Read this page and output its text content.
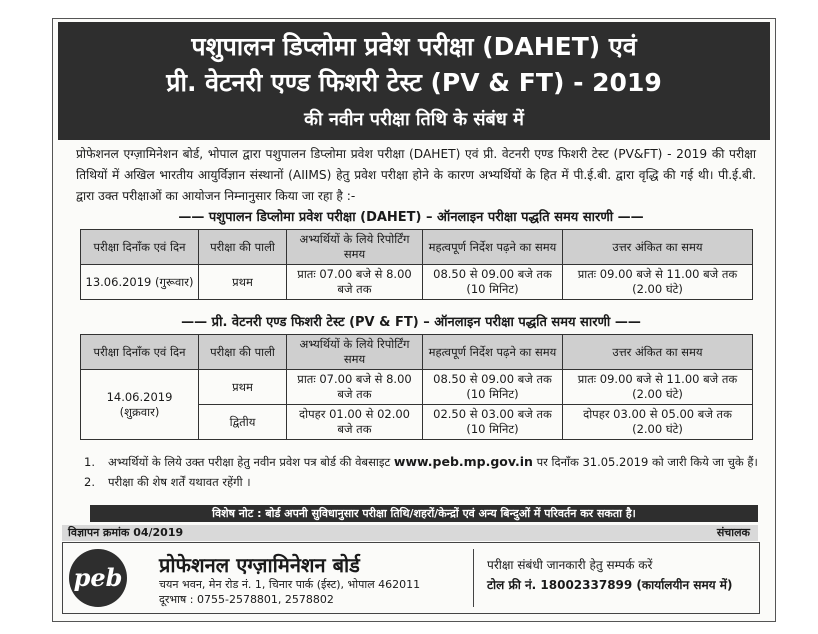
पशुपालन डिप्लोमा प्रवेश परीक्षा (DAHET) एवं
प्री. वेटनरी एण्ड फिशरी टेस्ट (PV & FT) - 2019
की नवीन परीक्षा तिथि के संबंध में
प्रोफेशनल एग्ज़ामिनेशन बोर्ड, भोपाल द्वारा पशुपालन डिप्लोमा प्रवेश परीक्षा (DAHET) एवं प्री. वेटनरी एण्ड फिशरी टेस्ट (PV&FT) - 2019 की परीक्षा तिथियों में अखिल भारतीय आयुर्विज्ञान संस्थानों (AIIMS) हेतु प्रवेश परीक्षा होने के कारण अभ्यर्थियों के हित में पी.ई.बी. द्वारा वृद्धि की गई थी। पी.ई.बी. द्वारा उक्त परीक्षाओं का आयोजन निम्नानुसार किया जा रहा है :-
—— पशुपालन डिप्लोमा प्रवेश परीक्षा (DAHET) – ऑनलाइन परीक्षा पद्धति समय सारणी ——
परीक्षा दिनाँक एवं दिन	परीक्षा की पाली	अभ्यर्थियों के लिये रिपोर्टिंग समय	महत्वपूर्ण निर्देश पढ़ने का समय	उत्तर अंकित का समय
13.06.2019 (गुरूवार)	प्रथम	प्रातः 07.00 बजे से 8.00 बजे तक	08.50 से 09.00 बजे तक (10 मिनिट)	प्रातः 09.00 बजे से 11.00 बजे तक (2.00 घंटे)
—— प्री. वेटनरी एण्ड फिशरी टेस्ट (PV & FT) – ऑनलाइन परीक्षा पद्धति समय सारणी ——
परीक्षा दिनाँक एवं दिन	परीक्षा की पाली	अभ्यर्थियों के लिये रिपोर्टिंग समय	महत्वपूर्ण निर्देश पढ़ने का समय	उत्तर अंकित का समय
14.06.2019 (शुक्रवार)	प्रथम	प्रातः 07.00 बजे से 8.00 बजे तक	08.50 से 09.00 बजे तक (10 मिनिट)	प्रातः 09.00 बजे से 11.00 बजे तक (2.00 घंटे)
	द्वितीय	दोपहर 01.00 से 02.00 बजे तक	02.50 से 03.00 बजे तक (10 मिनिट)	दोपहर 03.00 से 05.00 बजे तक (2.00 घंटे)
1.	अभ्यर्थियों के लिये उक्त परीक्षा हेतु नवीन प्रवेश पत्र बोर्ड की वेबसाइट www.peb.mp.gov.in पर दिनाँक 31.05.2019 को जारी किये जा चुके हैं।
2.	परीक्षा की शेष शर्तें यथावत रहेंगी ।
विशेष नोट : बोर्ड अपनी सुविधानुसार परीक्षा तिथि/शहरों/केन्द्रों एवं अन्य बिन्दुओं में परिवर्तन कर सकता है।
विज्ञापन क्रमांक 04/2019	संचालक
peb प्रोफेशनल एग्ज़ामिनेशन बोर्ड
चयन भवन, मेन रोड नं. 1, चिनार पार्क (ईस्ट), भोपाल 462011
दूरभाष : 0755-2578801, 2578802
परीक्षा संबंधी जानकारी हेतु सम्पर्क करें
टोल फ्री नं. 18002337899 (कार्यालयीन समय में)
